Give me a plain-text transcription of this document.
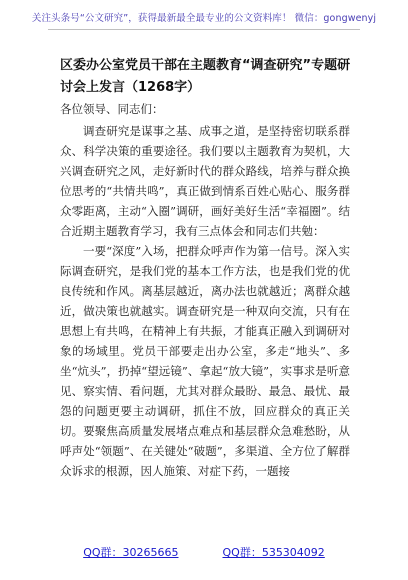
关注头条号“公文研究”，获得最新最全最专业的公文资料库！ 微信：gongwenyj
区委办公室党员干部在主题教育“调查研究”专题研讨会上发言（1268字）
各位领导、同志们：

调查研究是谋事之基、成事之道，是坚持密切联系群众、科学决策的重要途径。我们要以主题教育为契机，大兴调查研究之风，走好新时代的群众路线，培养与群众换位思考的“共情共鸣”，真正做到情系百姓心贴心、服务群众零距离，主动“入圈”调研，画好美好生活“幸福圈”。结合近期主题教育学习，我有三点体会和同志们共勉：

一要“深度”入场，把群众呼声作为第一信号。深入实际调查研究，是我们党的基本工作方法，也是我们党的优良传统和作风。离基层越近，离办法也就越近；离群众越近，做决策也就越实。调查研究是一种双向交流，只有在思想上有共鸣，在精神上有共振，才能真正融入到调研对象的场域里。党员干部要走出办公室，多走“地头”、多坐“炕头”，扔掉“望远镜”、拿起“放大镜”，实事求是听意见、察实情、看问题，尤其对群众最盼、最急、最忧、最怨的问题更要主动调研，抓住不放，回应群众的真正关切。要聚焦高质量发展堵点难点和基层群众急难愁盼，从呼声处“领题”、在关键处“破题”，多渠道、全方位了解群众诉求的根源，因人施策、对症下药，一题接

QQ群：30265665	QQ群：535304092
